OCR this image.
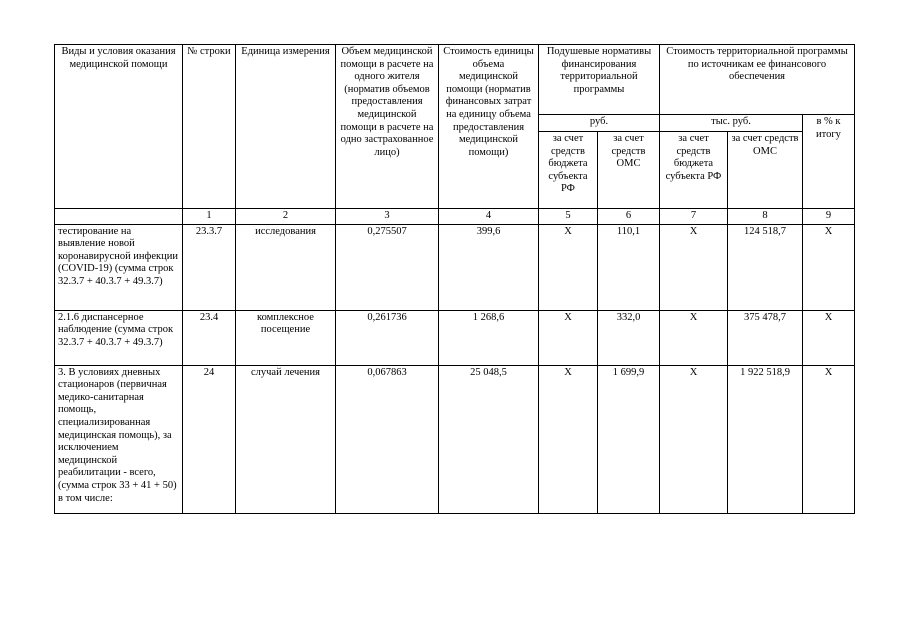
Виды и условия оказания медицинской помощи	№ строки	Единица измерения	Объем медицинской помощи в расчете на одного жителя (норматив объемов предоставления медицинской помощи в расчете на одно застрахованное лицо)	Стоимость единицы объема медицинской помощи (норматив финансовых затрат на единицу объема предоставления медицинской помощи)	Подушевые нормативы финансирования территориальной программы		Стоимость территориальной программы по источникам ее финансового обеспечения		
					руб.		тыс. руб.		в % к итогу
					за счет средств бюджета субъекта РФ	за счет средств ОМС	за счет средств бюджета субъекта РФ	за счет средств ОМС	
	1	2	3	4	5	6	7	8	9
тестирование на выявление новой коронавирусной инфекции (COVID-19) (сумма строк 32.3.7 + 40.3.7 + 49.3.7)	23.3.7	исследования	0,275507	399,6	Х	110,1	Х	124 518,7	Х
2.1.6 диспансерное наблюдение (сумма строк 32.3.7 + 40.3.7 + 49.3.7)	23.4	комплексное посещение	0,261736	1 268,6	Х	332,0	Х	375 478,7	Х
3. В условиях дневных стационаров (первичная медико-санитарная помощь, специализированная медицинская помощь), за исключением медицинской реабилитации - всего, (сумма строк 33 + 41 + 50) в том числе:	24	случай лечения	0,067863	25 048,5	Х	1 699,9	Х	1 922 518,9	Х
